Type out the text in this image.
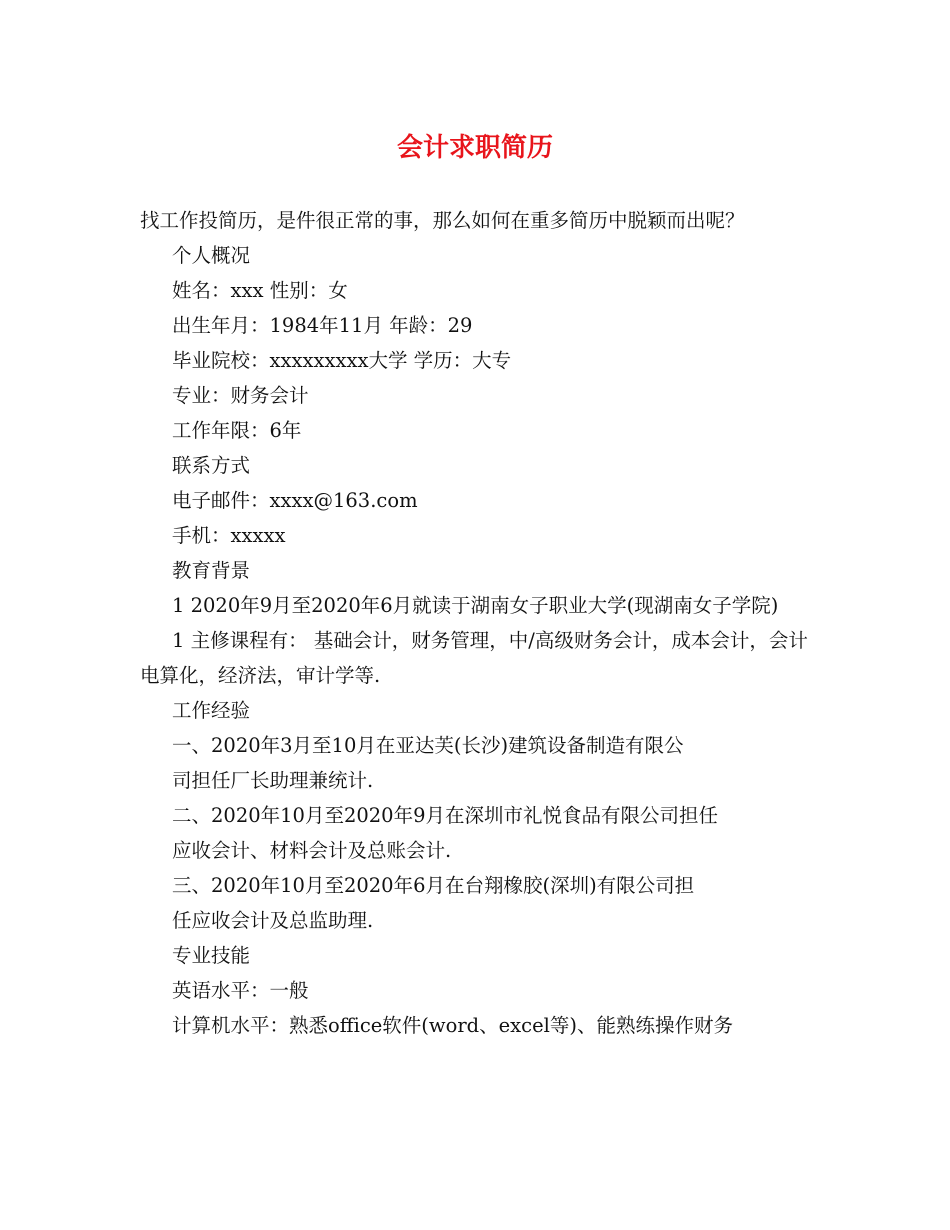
会计求职简历
找工作投简历，是件很正常的事，那么如何在重多简历中脱颖而出呢？
个人概况
姓名：xxx 性别：女
出生年月：1984年11月 年龄：29
毕业院校：xxxxxxxxx大学 学历：大专
专业：财务会计
工作年限：6年
联系方式
电子邮件：xxxx@163.com
手机：xxxxx
教育背景
1 2020年9月至2020年6月就读于湖南女子职业大学(现湖南女子学院)
1 主修课程有： 基础会计，财务管理，中/高级财务会计，成本会计，会计电算化，经济法，审计学等.
工作经验
一、2020年3月至10月在亚达芙(长沙)建筑设备制造有限公
司担任厂长助理兼统计.
二、2020年10月至2020年9月在深圳市礼悦食品有限公司担任
应收会计、材料会计及总账会计.
三、2020年10月至2020年6月在台翔橡胶(深圳)有限公司担
任应收会计及总监助理.
专业技能
英语水平：一般
计算机水平：熟悉office软件(word、excel等)、能熟练操作财务
